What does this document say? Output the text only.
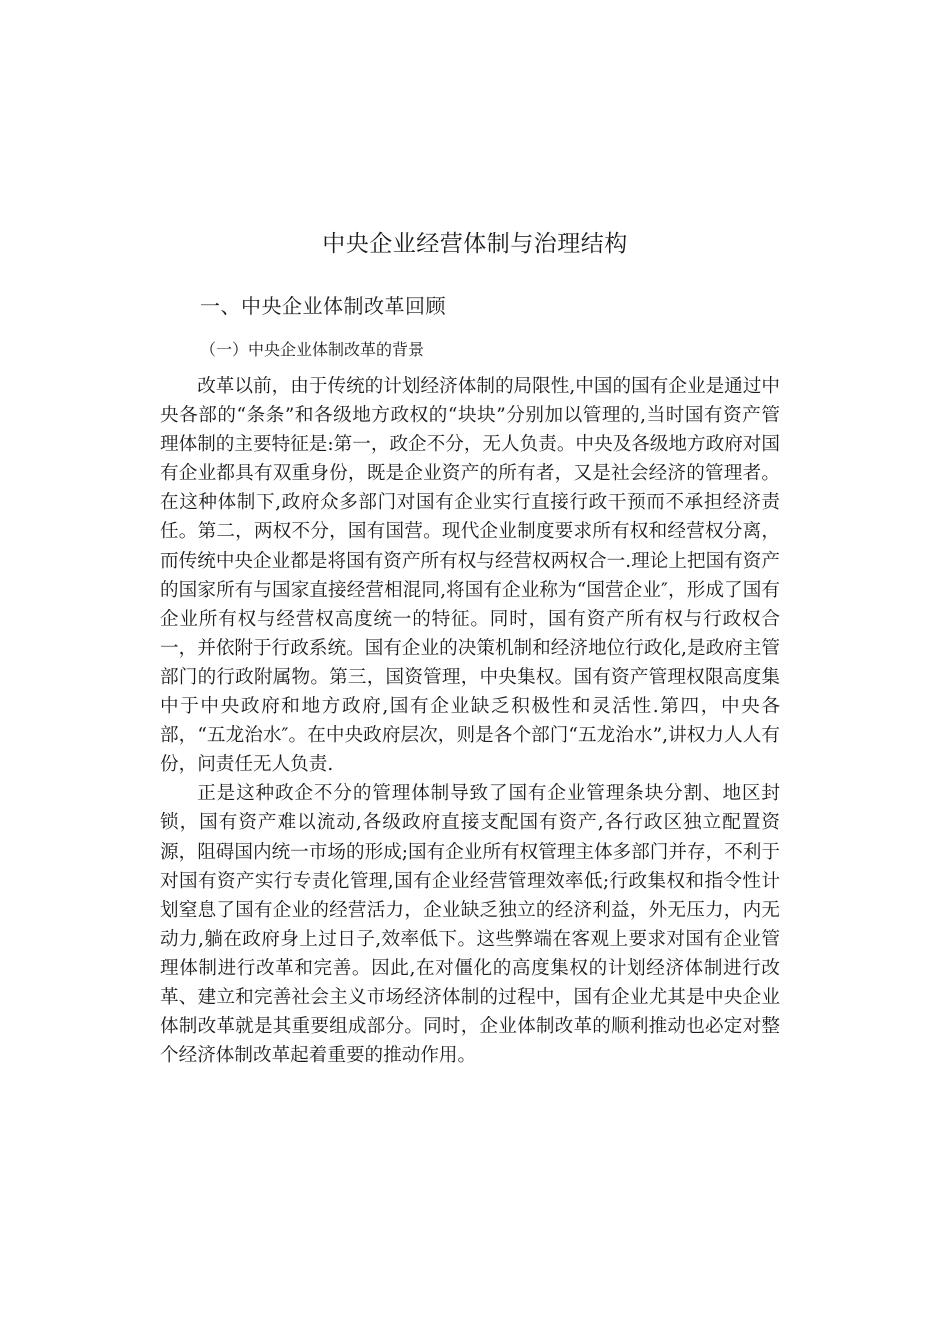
中央企业经营体制与治理结构
一、中央企业体制改革回顾
（一）中央企业体制改革的背景

改革以前，由于传统的计划经济体制的局限性,中国的国有企业是通过中央各部的“条条”和各级地方政权的“块块”分别加以管理的,当时国有资产管理体制的主要特征是:第一，政企不分，无人负责。中央及各级地方政府对国有企业都具有双重身份，既是企业资产的所有者，又是社会经济的管理者。在这种体制下,政府众多部门对国有企业实行直接行政干预而不承担经济责任。第二，两权不分，国有国营。现代企业制度要求所有权和经营权分离，而传统中央企业都是将国有资产所有权与经营权两权合一.理论上把国有资产的国家所有与国家直接经营相混同,将国有企业称为“国营企业″，形成了国有企业所有权与经营权高度统一的特征。同时，国有资产所有权与行政权合一，并依附于行政系统。国有企业的决策机制和经济地位行政化,是政府主管部门的行政附属物。第三，国资管理，中央集权。国有资产管理权限高度集中于中央政府和地方政府,国有企业缺乏积极性和灵活性.第四，中央各部，“五龙治水″。在中央政府层次，则是各个部门“五龙治水”,讲权力人人有份，问责任无人负责.

正是这种政企不分的管理体制导致了国有企业管理条块分割、地区封锁，国有资产难以流动,各级政府直接支配国有资产,各行政区独立配置资源，阻碍国内统一市场的形成;国有企业所有权管理主体多部门并存，不利于对国有资产实行专责化管理,国有企业经营管理效率低;行政集权和指令性计划窒息了国有企业的经营活力，企业缺乏独立的经济利益，外无压力，内无动力,躺在政府身上过日子,效率低下。这些弊端在客观上要求对国有企业管理体制进行改革和完善。因此,在对僵化的高度集权的计划经济体制进行改革、建立和完善社会主义市场经济体制的过程中，国有企业尤其是中央企业体制改革就是其重要组成部分。同时，企业体制改革的顺利推动也必定对整个经济体制改革起着重要的推动作用。
